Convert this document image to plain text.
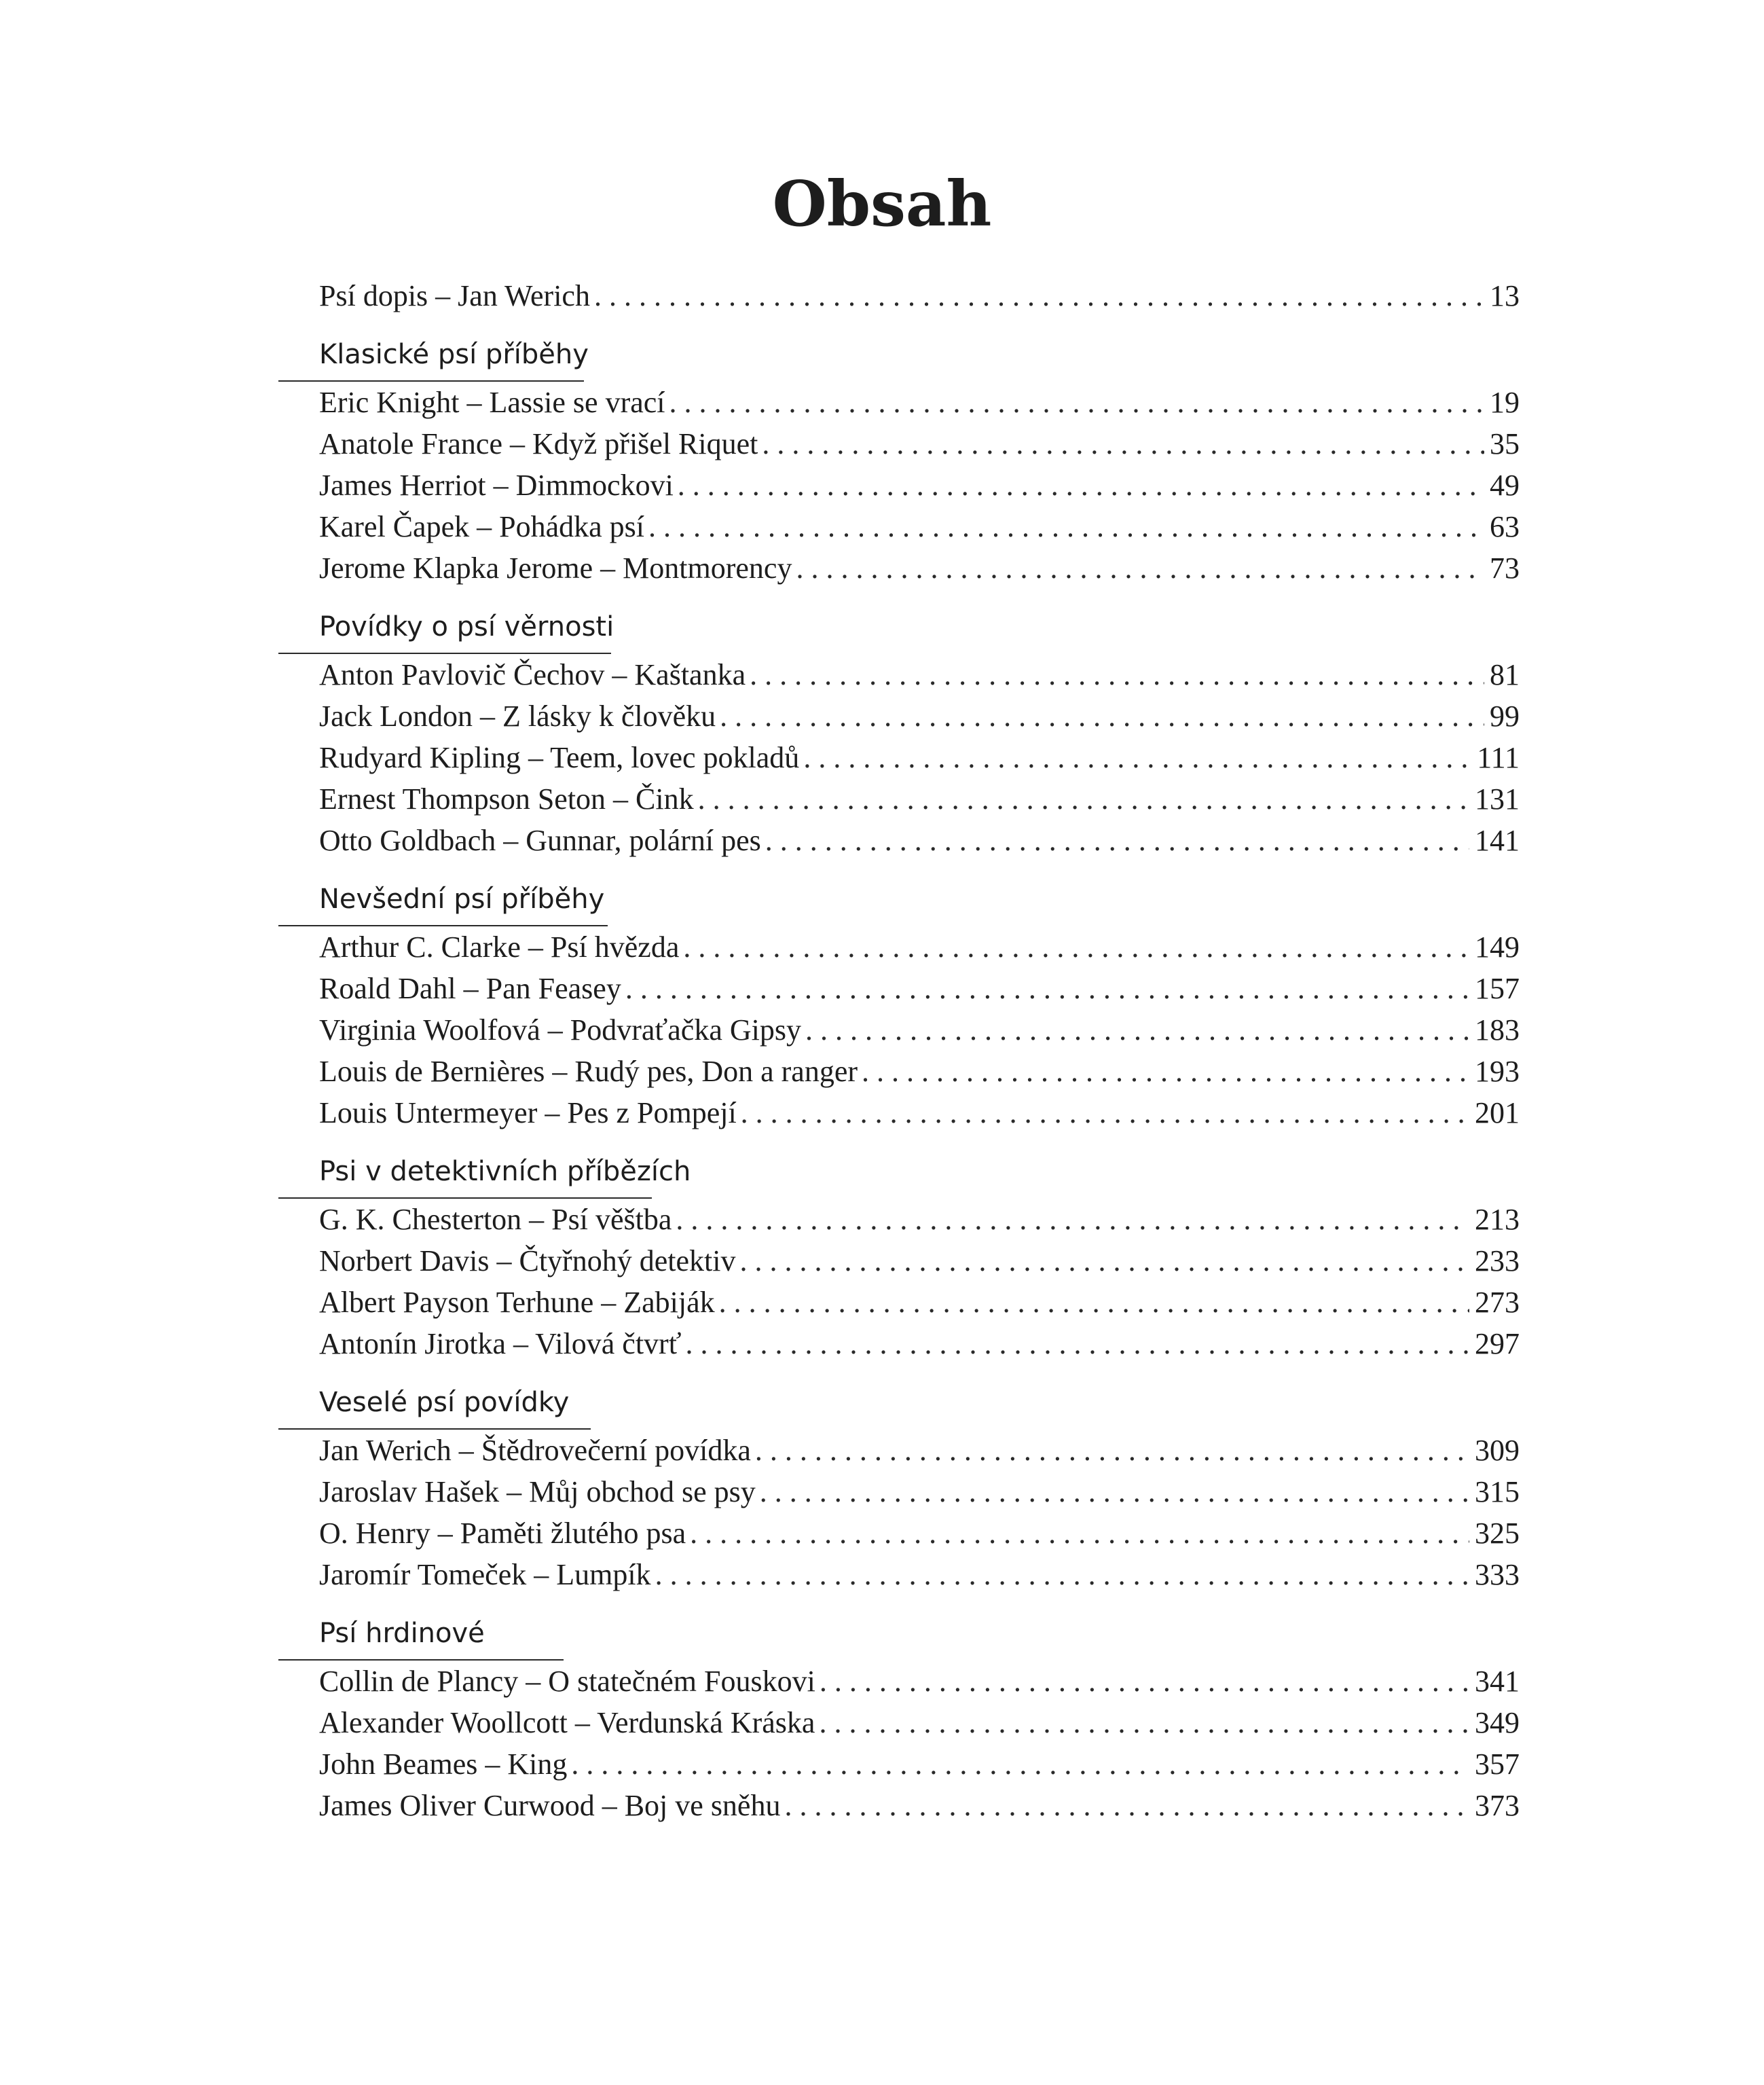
Obsah
Psí dopis – Jan Werich . . .	13
Klasické psí příběhy
Eric Knight – Lassie se vrací . . .	19
Anatole France – Když přišel Riquet . . .	35
James Herriot – Dimmockovi . . .	49
Karel Čapek – Pohádka psí . . .	63
Jerome Klapka Jerome – Montmorency . . .	73
Povídky o psí věrnosti
Anton Pavlovič Čechov – Kaštanka . . .	81
Jack London – Z lásky k člověku . . .	99
Rudyard Kipling – Teem, lovec pokladů . . .	111
Ernest Thompson Seton – Čink . . .	131
Otto Goldbach – Gunnar, polární pes . . .	141
Nevšední psí příběhy
Arthur C. Clarke – Psí hvězda . . .	149
Roald Dahl – Pan Feasey . . .	157
Virginia Woolfová – Podvraťačka Gipsy . . .	183
Louis de Bernières – Rudý pes, Don a ranger . . .	193
Louis Untermeyer – Pes z Pompejí . . .	201
Psi v detektivních příbězích
G. K. Chesterton – Psí věštba . . .	213
Norbert Davis – Čtyřnohý detektiv . . .	233
Albert Payson Terhune – Zabiják . . .	273
Antonín Jirotka – Vilová čtvrť . . .	297
Veselé psí povídky
Jan Werich – Štědrovečerní povídka . . .	309
Jaroslav Hašek – Můj obchod se psy . . .	315
O. Henry – Paměti žlutého psa . . .	325
Jaromír Tomeček – Lumpík . . .	333
Psí hrdinové
Collin de Plancy – O statečném Fouskovi . . .	341
Alexander Woollcott – Verdunská Kráska . . .	349
John Beames – King . . .	357
James Oliver Curwood – Boj ve sněhu . . .	373
